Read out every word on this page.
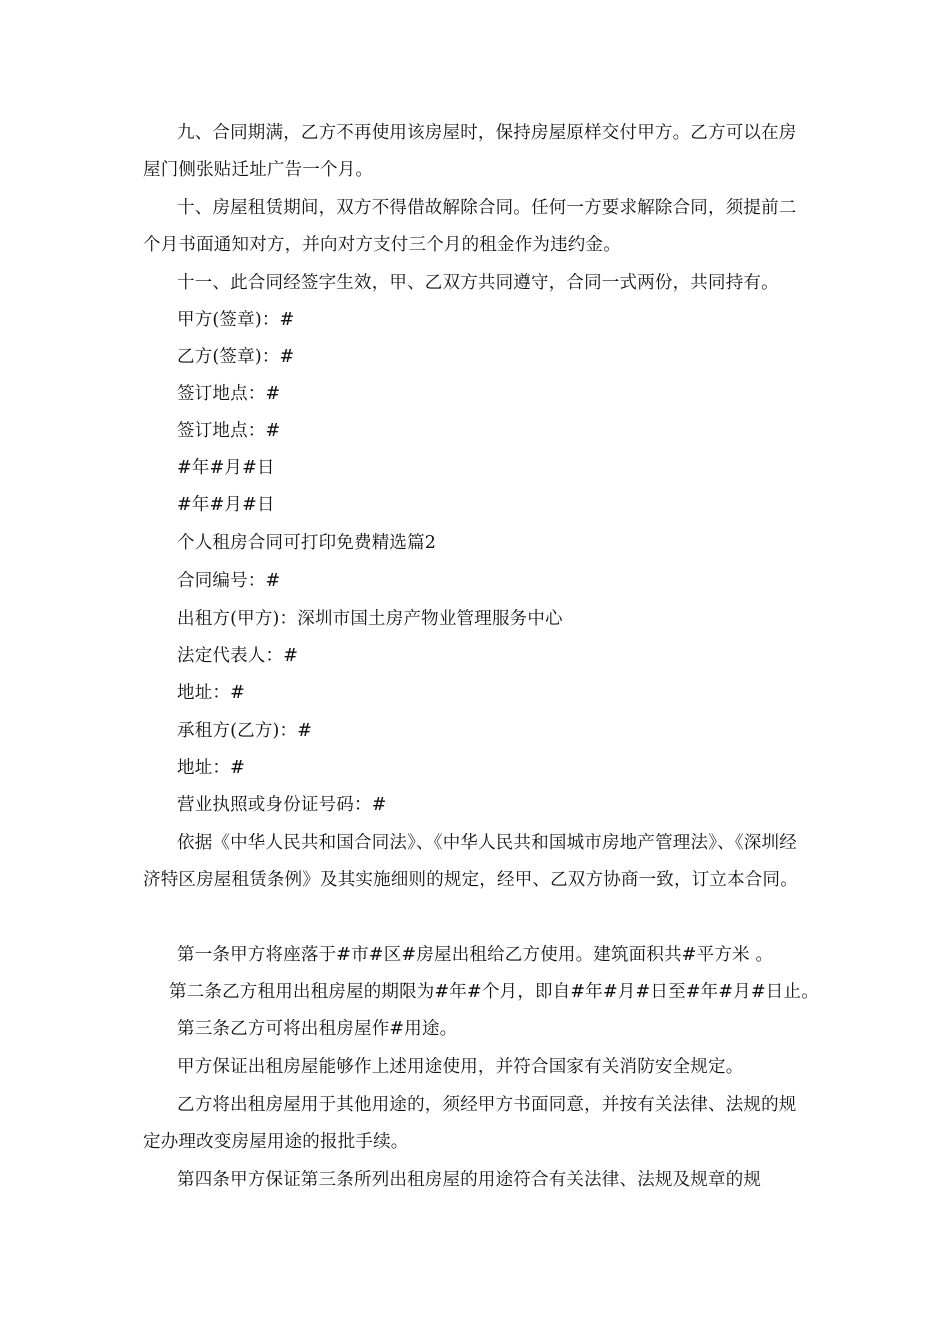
九、合同期满，乙方不再使用该房屋时，保持房屋原样交付甲方。乙方可以在房屋门侧张贴迁址广告一个月。

十、房屋租赁期间，双方不得借故解除合同。任何一方要求解除合同，须提前二个月书面通知对方，并向对方支付三个月的租金作为违约金。

十一、此合同经签字生效，甲、乙双方共同遵守，合同一式两份，共同持有。

甲方(签章)：#

乙方(签章)：#

签订地点：#

签订地点：#

#年#月#日

#年#月#日

个人租房合同可打印免费精选篇2

合同编号：#

出租方(甲方)：深圳市国土房产物业管理服务中心

法定代表人：#

地址：#

承租方(乙方)：#

地址：#

营业执照或身份证号码：#

依据《中华人民共和国合同法》、《中华人民共和国城市房地产管理法》、《深圳经济特区房屋租赁条例》及其实施细则的规定，经甲、乙双方协商一致，订立本合同。

第一条甲方将座落于#市#区#房屋出租给乙方使用。建筑面积共#平方米 。

第二条乙方租用出租房屋的期限为#年#个月，即自#年#月#日至#年#月#日止。

第三条乙方可将出租房屋作#用途。

甲方保证出租房屋能够作上述用途使用，并符合国家有关消防安全规定。

乙方将出租房屋用于其他用途的，须经甲方书面同意，并按有关法律、法规的规定办理改变房屋用途的报批手续。

第四条甲方保证第三条所列出租房屋的用途符合有关法律、法规及规章的规
